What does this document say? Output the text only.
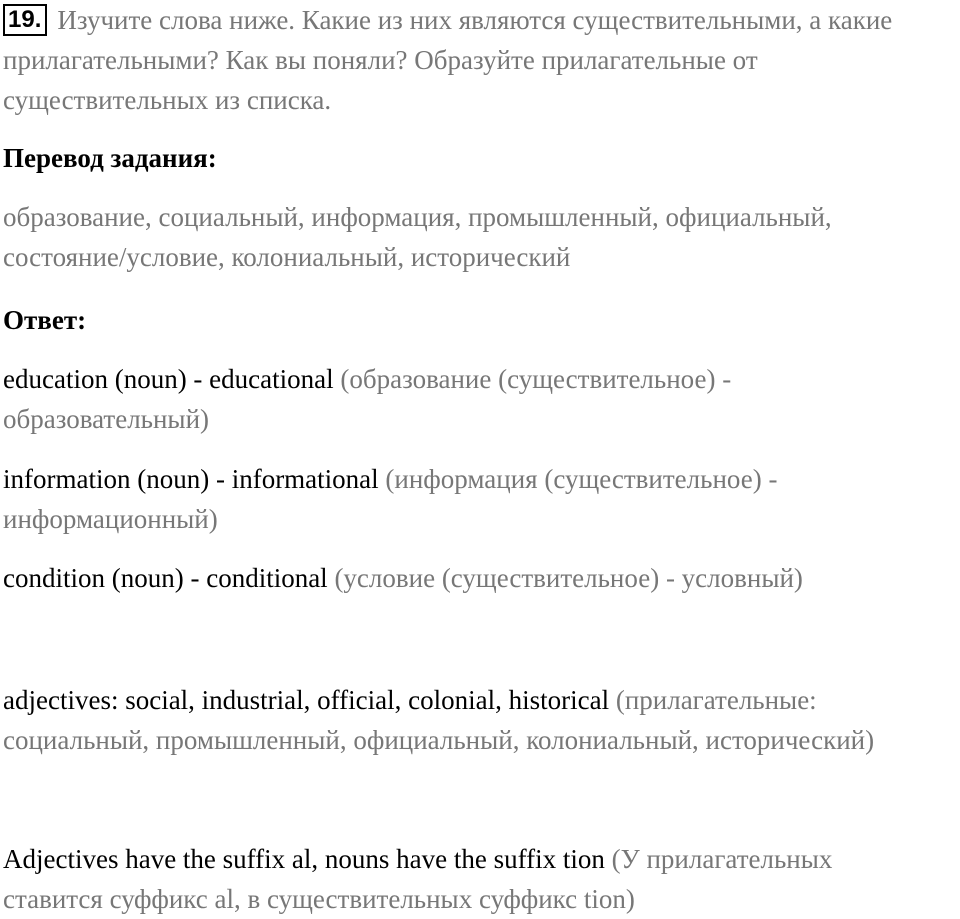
19. Изучите слова ниже. Какие из них являются существительными, а какие прилагательными? Как вы поняли? Образуйте прилагательные от существительных из списка.
Перевод задания:
образование, социальный, информация, промышленный, официальный, состояние/условие, колониальный, исторический
Ответ:
education (noun) - educational (образование (существительное) - образовательный)
information (noun) - informational (информация (существительное) - информационный)
condition (noun) - conditional (условие (существительное) - условный)
adjectives: social, industrial, official, colonial, historical (прилагательные: социальный, промышленный, официальный, колониальный, исторический)
Adjectives have the suffix al, nouns have the suffix tion (У прилагательных ставится суффикс al, в существительных суффикс tion)
